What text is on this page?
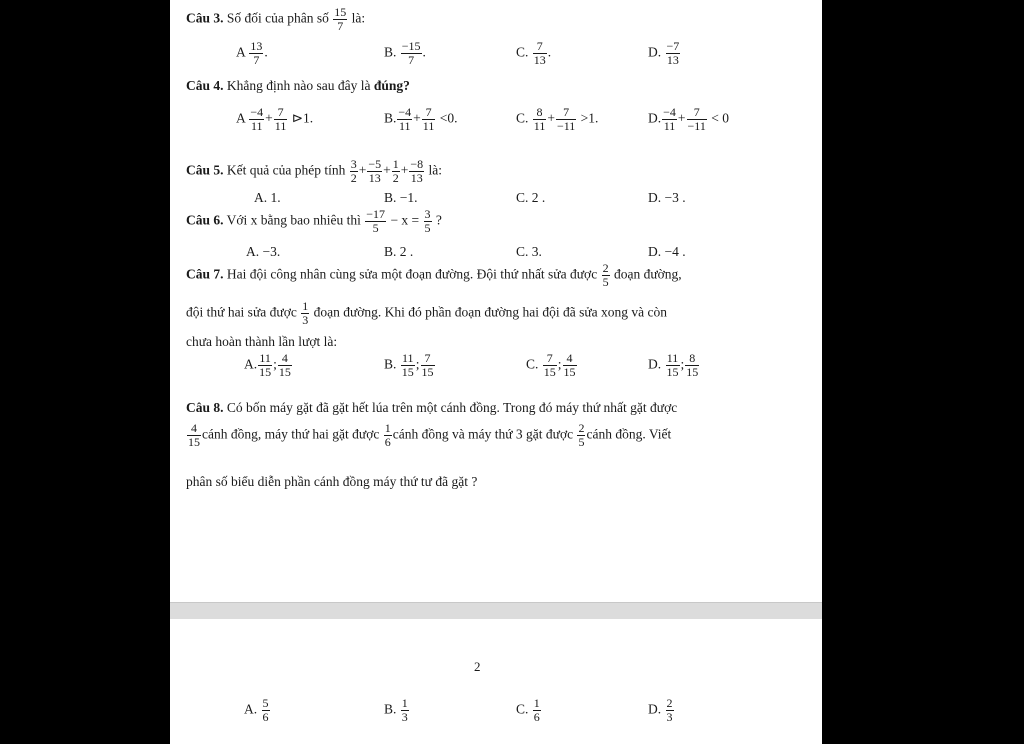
Câu 3. Số đối của phân số $\frac{15}{7}$ là:
A $\frac{13}{7}$ .	B. $\frac{-15}{7}$ .	C. $\frac{7}{13}$ .	D. $\frac{-7}{13}$
Câu 4. Khẳng định nào sau đây là đúng?
A $\frac{-4}{11} + \frac{7}{11}$ ⊳1.	B. $\frac{-4}{11} + \frac{7}{11} <0$.	C. $\frac{8}{11} + \frac{7}{-11} >1$.	D. $\frac{-4}{11} + \frac{7}{-11} < 0$
Câu 5. Kết quả của phép tính $\frac{3}{2} + \frac{-5}{13} + \frac{1}{2} + \frac{-8}{13}$ là:
A. 1.	B. −1.	C. 2 .	D. −3 .
Câu 6. Với x bằng bao nhiêu thì $\frac{-17}{5} - x = \frac{3}{5}$ ?
A. −3.	B. 2 .	C. 3.	D. −4 .
Câu 7. Hai đội công nhân cùng sửa một đoạn đường. Đội thứ nhất sửa được $\frac{2}{5}$ đoạn đường,
đội thứ hai sửa được $\frac{1}{3}$ đoạn đường. Khi đó phần đoạn đường hai đội đã sửa xong và còn
chưa hoàn thành lần lượt là:
A. $\frac{11}{15}$ ; $\frac{4}{15}$	B. $\frac{11}{15}$ ; $\frac{7}{15}$	C. $\frac{7}{15}$ ; $\frac{4}{15}$	D. $\frac{11}{15}$ ; $\frac{8}{15}$
Câu 8. Có bốn máy gặt đã gặt hết lúa trên một cánh đồng. Trong đó máy thứ nhất gặt được
$\frac{4}{15}$ cánh đồng, máy thứ hai gặt được $\frac{1}{6}$ cánh đồng và máy thứ 3 gặt được $\frac{2}{5}$ cánh đồng. Viết
phân số biểu diễn phần cánh đồng máy thứ tư đã gặt ?
2
A. $\frac{5}{6}$	B. $\frac{1}{3}$	C. $\frac{1}{6}$	D. $\frac{2}{3}$
